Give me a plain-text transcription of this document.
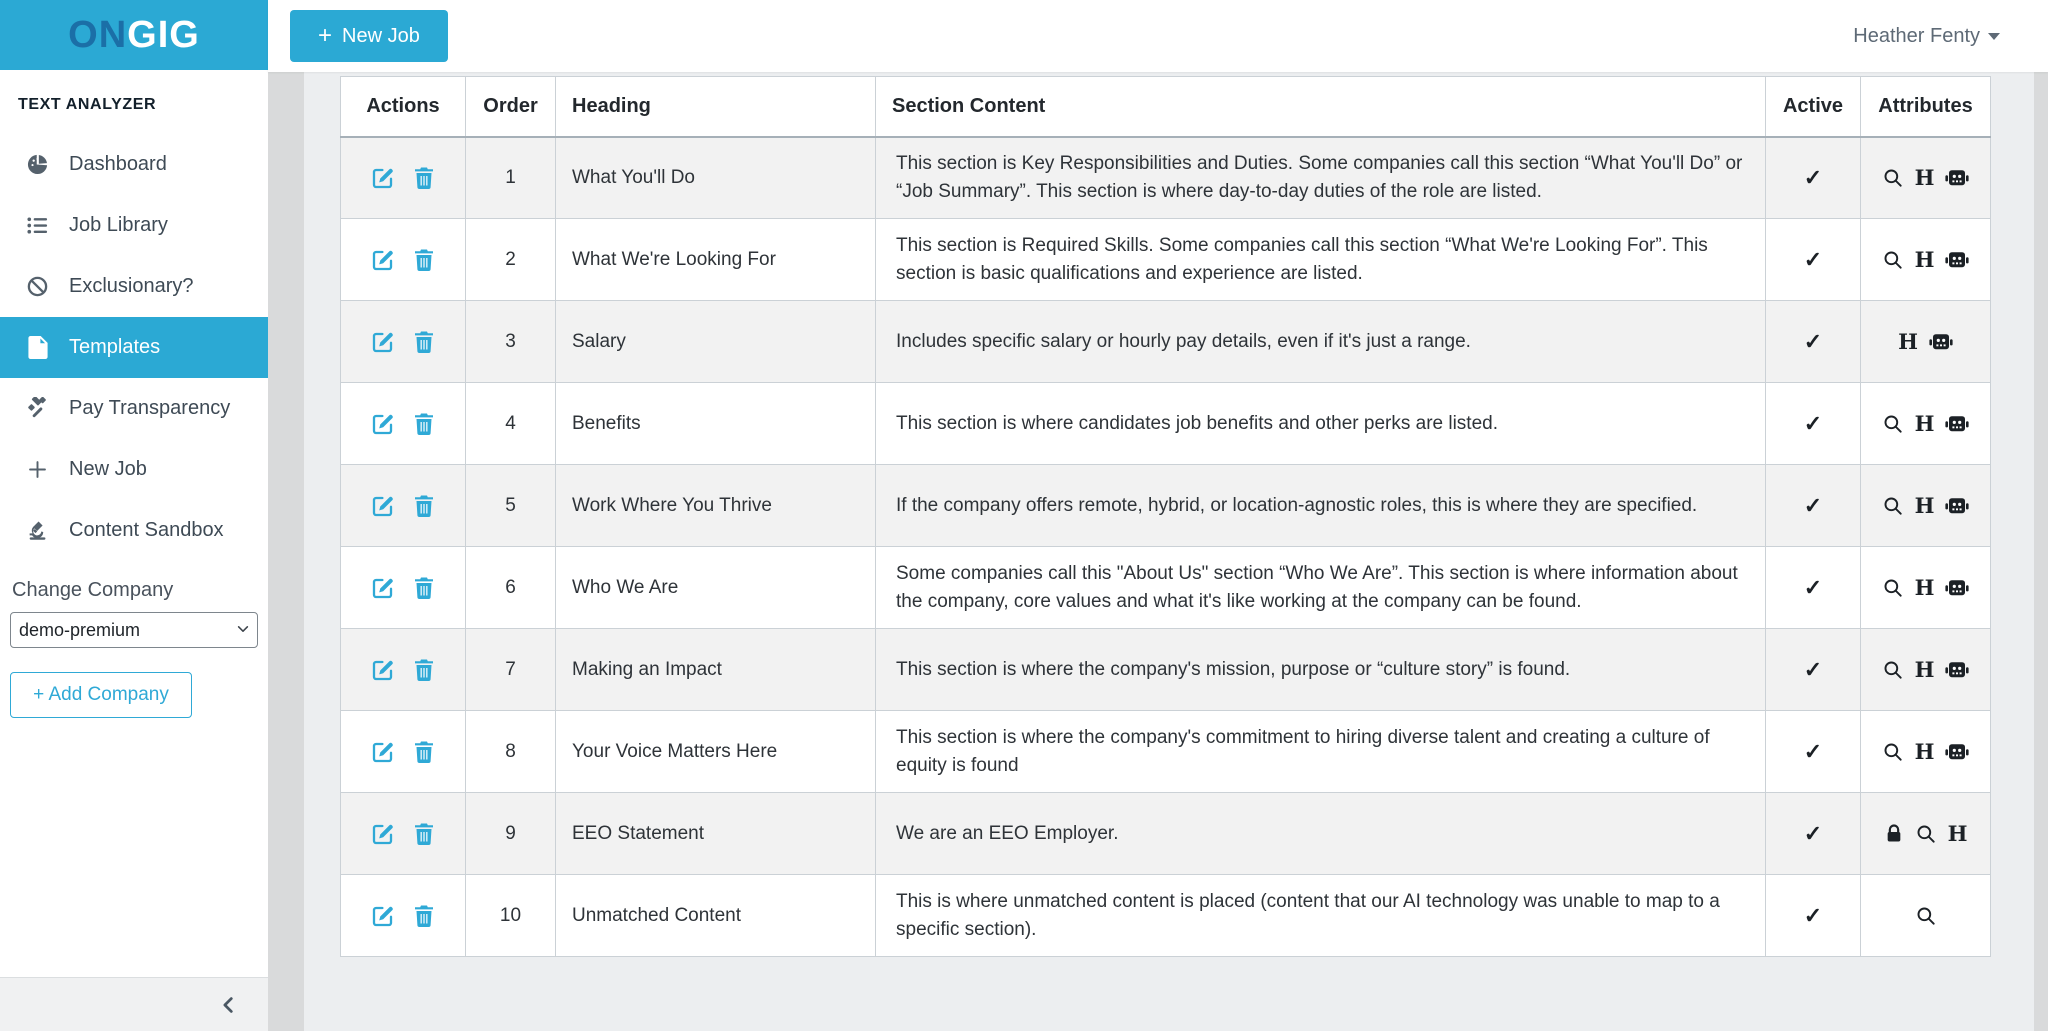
ON GIG
TEXT ANALYZER
Dashboard
Job Library
Exclusionary?
Templates
Pay Transparency
New Job
Content Sandbox
Change Company
demo-premium
+ Add Company
+ New Job	Heather Fenty
Actions	Order	Heading	Section Content	Active	Attributes

	1	What You'll Do	This section is Key Responsibilities and Duties. Some companies call this section “What You'll Do” or “Job Summary”. This section is where day-to-day duties of the role are listed.	✓	H

	2	What We're Looking For	This section is Required Skills. Some companies call this section “What We're Looking For”. This section is basic qualifications and experience are listed.	✓	H

	3	Salary	Includes specific salary or hourly pay details, even if it's just a range.	✓	H

	4	Benefits	This section is where candidates job benefits and other perks are listed.	✓	H

	5	Work Where You Thrive	If the company offers remote, hybrid, or location-agnostic roles, this is where they are specified.	✓	H

	6	Who We Are	Some companies call this "About Us" section “Who We Are”. This section is where information about the company, core values and what it's like working at the company can be found.	✓	H

	7	Making an Impact	This section is where the company's mission, purpose or “culture story” is found.	✓	H

	8	Your Voice Matters Here	This section is where the company's commitment to hiring diverse talent and creating a culture of equity is found	✓	H

	9	EEO Statement	We are an EEO Employer.	✓	H

	10	Unmatched Content	This is where unmatched content is placed (content that our AI technology was unable to map to a specific section).	✓	
